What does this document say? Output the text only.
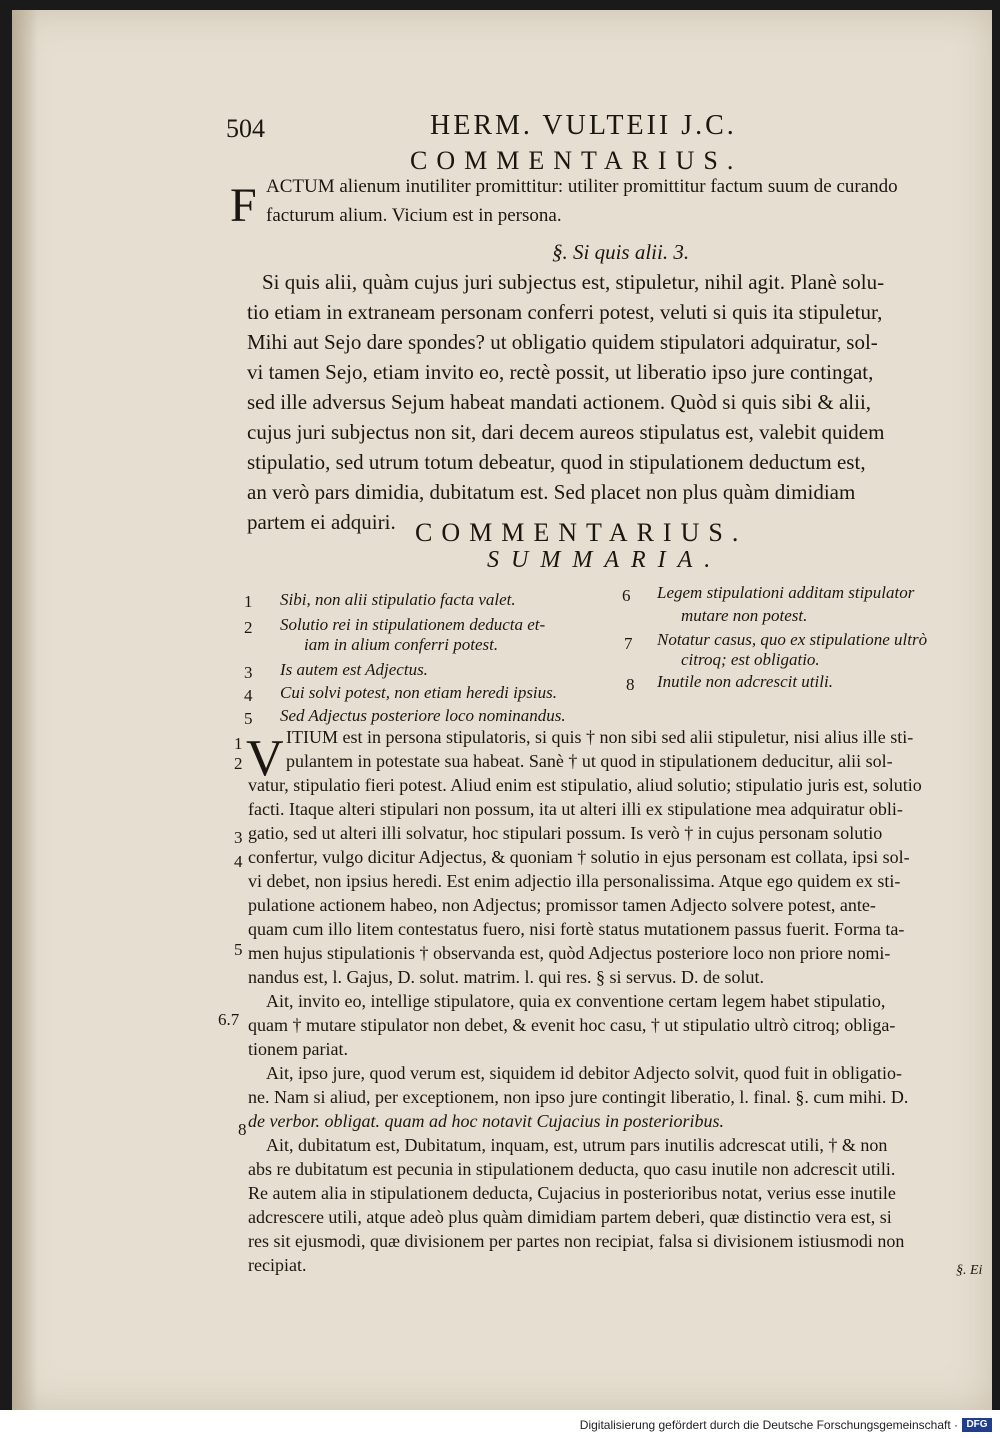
504	HERM. VULTEII J.C.
COMMENTARIUS.
F ACTUM alienum inutiliter promittitur: utiliter promittitur factum suum de curando
facturum alium. Vicium est in persona.
§. Si quis alii. 3.
Si quis alii, quàm cujus juri subjectus est, stipuletur, nihil agit. Planè solu-
tio etiam in extraneam personam conferri potest, veluti si quis ita stipuletur,
Mihi aut Sejo dare spondes? ut obligatio quidem stipulatori adquiratur, sol-
vi tamen Sejo, etiam invito eo, rectè possit, ut liberatio ipso jure contingat,
sed ille adversus Sejum habeat mandati actionem. Quòd si quis sibi & alii,
cujus juri subjectus non sit, dari decem aureos stipulatus est, valebit quidem
stipulatio, sed utrum totum debeatur, quod in stipulationem deductum est,
an verò pars dimidia, dubitatum est. Sed placet non plus quàm dimidiam
partem ei adquiri. COMMENTARIUS.
SUMMARIA.
1 Sibi, non alii stipulatio facta valet.
2 Solutio rei in stipulationem deducta et-
iam in alium conferri potest.
3 Is autem est Adjectus.
4 Cui solvi potest, non etiam heredi ipsius.
5 Sed Adjectus posteriore loco nominandus.
6 Legem stipulationi additam stipulator
mutare non potest.
7 Notatur casus, quo ex stipulatione ultrò
citroq; est obligatio.
8 Inutile non adcrescit utili.
V
1
2
3
4
5
6.7
8
ITIUM est in persona stipulatoris, si quis † non sibi sed alii stipuletur, nisi alius ille sti-
pulantem in potestate sua habeat. Sanè † ut quod in stipulationem deducitur, alii sol-
vatur, stipulatio fieri potest. Aliud enim est stipulatio, aliud solutio; stipulatio juris est, solutio
facti. Itaque alteri stipulari non possum, ita ut alteri illi ex stipulatione mea adquiratur obli-
gatio, sed ut alteri illi solvatur, hoc stipulari possum. Is verò † in cujus personam solutio
confertur, vulgo dicitur Adjectus, & quoniam † solutio in ejus personam est collata, ipsi sol-
vi debet, non ipsius heredi. Est enim adjectio illa personalissima. Atque ego quidem ex sti-
pulatione actionem habeo, non Adjectus; promissor tamen Adjecto solvere potest, ante-
quam cum illo litem contestatus fuero, nisi fortè status mutationem passus fuerit. Forma ta-
men hujus stipulationis † observanda est, quòd Adjectus posteriore loco non priore nomi-
nandus est, l. Gajus, D. solut. matrim. l. qui res. § si servus. D. de solut.
Ait, invito eo, intellige stipulatore, quia ex conventione certam legem habet stipulatio,
quam † mutare stipulator non debet, & evenit hoc casu, † ut stipulatio ultrò citroq; obliga-
tionem pariat.
Ait, ipso jure, quod verum est, siquidem id debitor Adjecto solvit, quod fuit in obligatio-
ne. Nam si aliud, per exceptionem, non ipso jure contingit liberatio, l. final. §. cum mihi. D.
de verbor. obligat. quam ad hoc notavit Cujacius in posterioribus.
Ait, dubitatum est, Dubitatum, inquam, est, utrum pars inutilis adcrescat utili, † & non
abs re dubitatum est pecunia in stipulationem deducta, quo casu inutile non adcrescit utili.
Re autem alia in stipulationem deducta, Cujacius in posterioribus notat, verius esse inutile
adcrescere utili, atque adeò plus quàm dimidiam partem deberi, quæ distinctio vera est, si
res sit ejusmodi, quæ divisionem per partes non recipiat, falsa si divisionem istiusmodi non
recipiat.	§. Ei
Digitalisierung gefördert durch die Deutsche Forschungsgemeinschaft · DFG
